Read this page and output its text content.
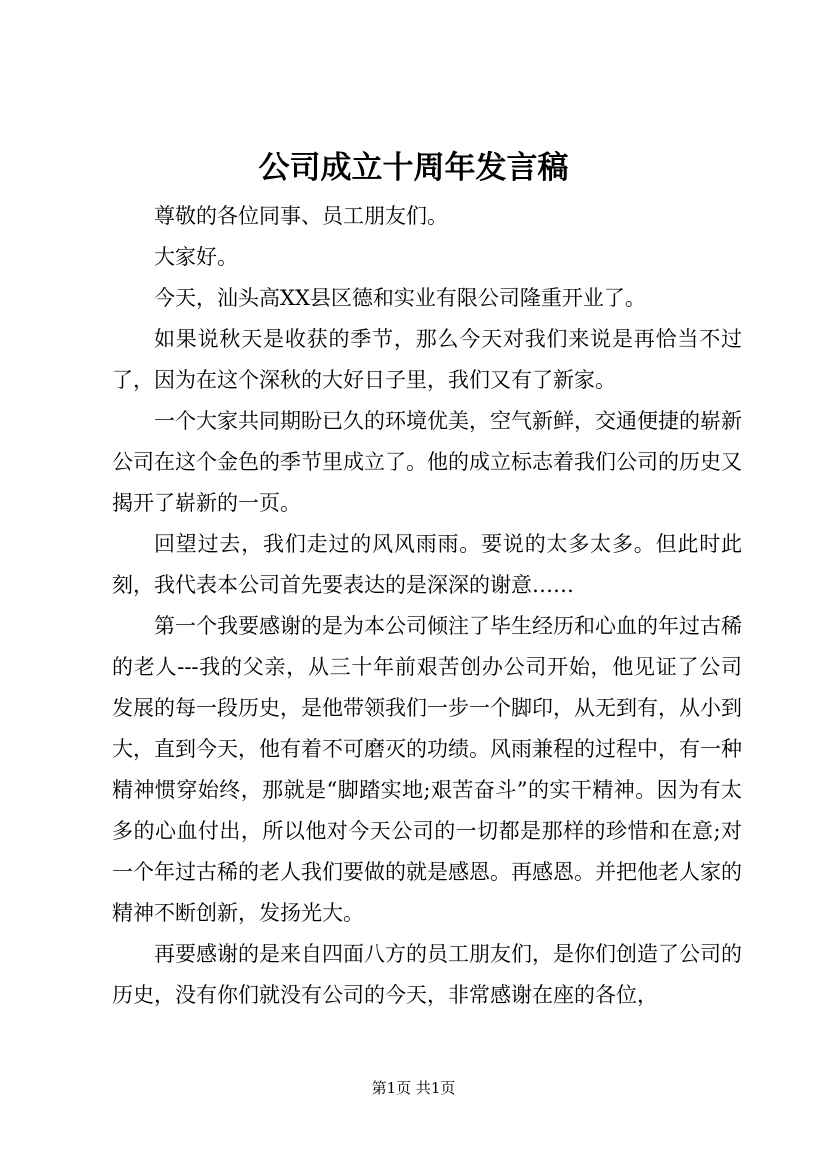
公司成立十周年发言稿

尊敬的各位同事、员工朋友们。

大家好。

今天，汕头高XX县区德和实业有限公司隆重开业了。

如果说秋天是收获的季节，那么今天对我们来说是再恰当不过了，因为在这个深秋的大好日子里，我们又有了新家。

一个大家共同期盼已久的环境优美，空气新鲜，交通便捷的崭新公司在这个金色的季节里成立了。他的成立标志着我们公司的历史又揭开了崭新的一页。

回望过去，我们走过的风风雨雨。要说的太多太多。但此时此刻，我代表本公司首先要表达的是深深的谢意……

第一个我要感谢的是为本公司倾注了毕生经历和心血的年过古稀的老人---我的父亲，从三十年前艰苦创办公司开始，他见证了公司发展的每一段历史，是他带领我们一步一个脚印，从无到有，从小到大，直到今天，他有着不可磨灭的功绩。风雨兼程的过程中，有一种精神惯穿始终，那就是“脚踏实地;艰苦奋斗”的实干精神。因为有太多的心血付出，所以他对今天公司的一切都是那样的珍惜和在意;对一个年过古稀的老人我们要做的就是感恩。再感恩。并把他老人家的精神不断创新，发扬光大。

再要感谢的是来自四面八方的员工朋友们，是你们创造了公司的历史，没有你们就没有公司的今天，非常感谢在座的各位，

第1页 共1页
